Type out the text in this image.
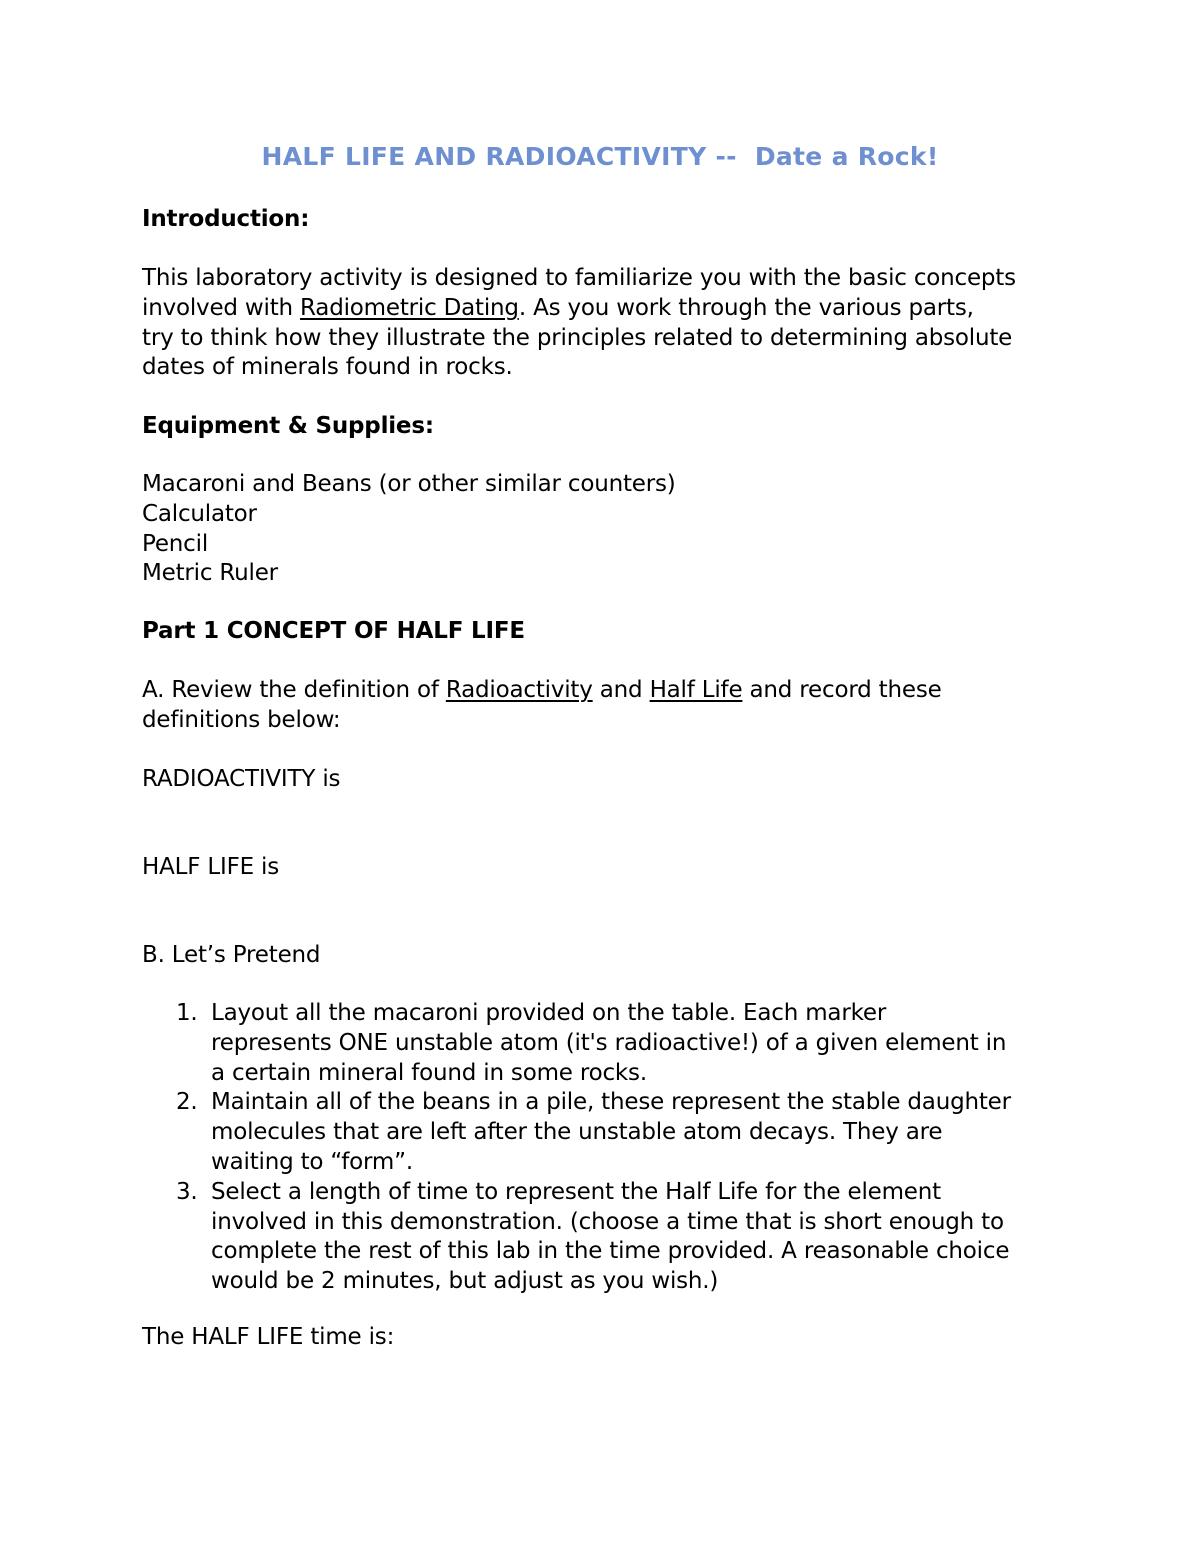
HALF LIFE AND RADIOACTIVITY --  Date a Rock!
Introduction:
This laboratory activity is designed to familiarize you with the basic concepts
involved with Radiometric Dating. As you work through the various parts,
try to think how they illustrate the principles related to determining absolute
dates of minerals found in rocks.
Equipment & Supplies:
Macaroni and Beans (or other similar counters)
Calculator
Pencil
Metric Ruler
Part 1 CONCEPT OF HALF LIFE
A. Review the definition of Radioactivity and Half Life and record these
definitions below:
RADIOACTIVITY is
HALF LIFE is
B. Let’s Pretend
1. Layout all the macaroni provided on the table. Each marker
represents ONE unstable atom (it's radioactive!) of a given element in
a certain mineral found in some rocks.
2. Maintain all of the beans in a pile, these represent the stable daughter
molecules that are left after the unstable atom decays. They are
waiting to “form”.
3. Select a length of time to represent the Half Life for the element
involved in this demonstration. (choose a time that is short enough to
complete the rest of this lab in the time provided. A reasonable choice
would be 2 minutes, but adjust as you wish.)
The HALF LIFE time is:
